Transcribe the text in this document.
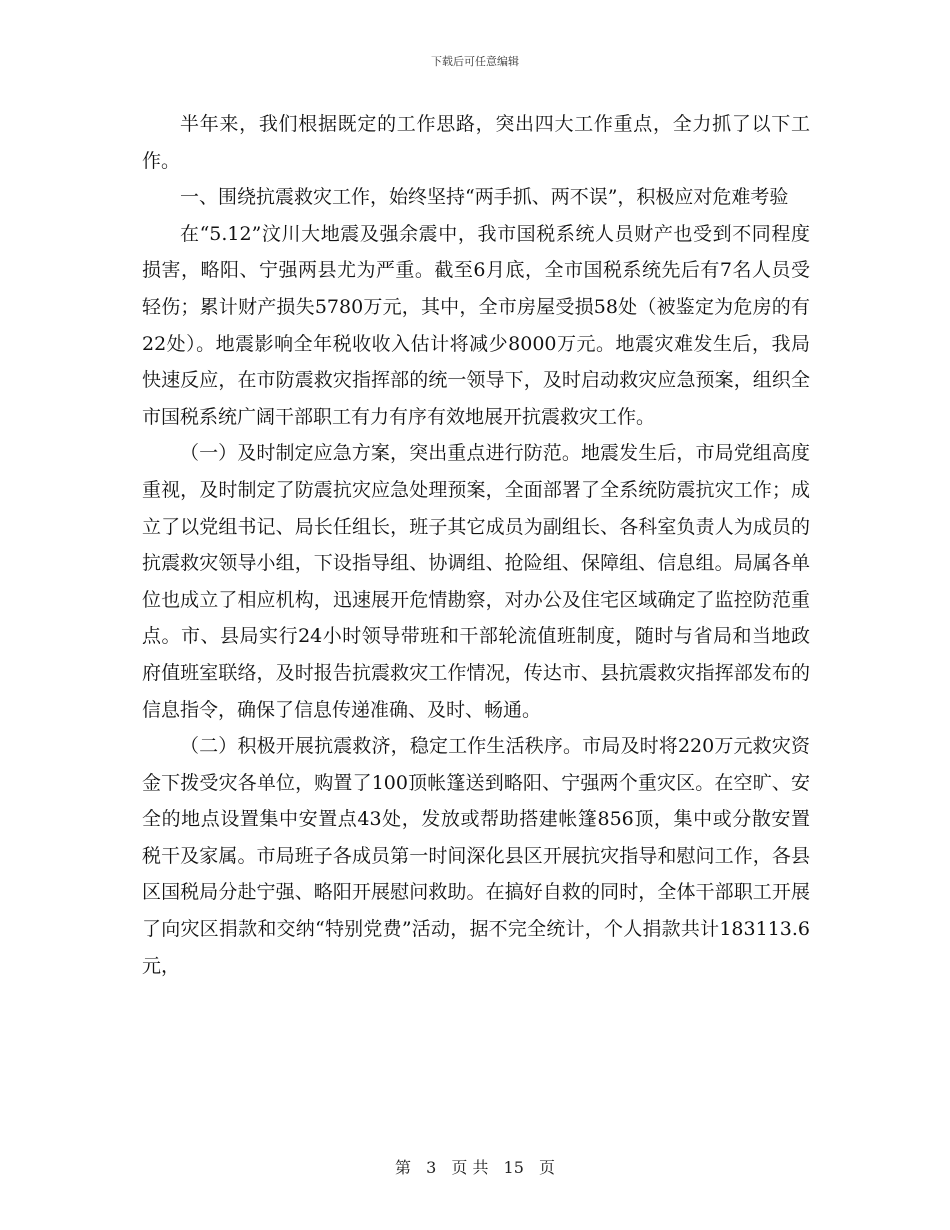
下载后可任意编辑

半年来，我们根据既定的工作思路，突出四大工作重点，全力抓了以下工作。

一、围绕抗震救灾工作，始终坚持“两手抓、两不误”，积极应对危难考验

在“5.12”汶川大地震及强余震中，我市国税系统人员财产也受到不同程度损害，略阳、宁强两县尤为严重。截至6月底，全市国税系统先后有7名人员受轻伤；累计财产损失5780万元，其中，全市房屋受损58处（被鉴定为危房的有22处）。地震影响全年税收收入估计将减少8000万元。地震灾难发生后，我局快速反应，在市防震救灾指挥部的统一领导下，及时启动救灾应急预案，组织全市国税系统广阔干部职工有力有序有效地展开抗震救灾工作。

（一）及时制定应急方案，突出重点进行防范。地震发生后，市局党组高度重视，及时制定了防震抗灾应急处理预案，全面部署了全系统防震抗灾工作；成立了以党组书记、局长任组长，班子其它成员为副组长、各科室负责人为成员的抗震救灾领导小组，下设指导组、协调组、抢险组、保障组、信息组。局属各单位也成立了相应机构，迅速展开危情勘察，对办公及住宅区域确定了监控防范重点。市、县局实行24小时领导带班和干部轮流值班制度，随时与省局和当地政府值班室联络，及时报告抗震救灾工作情况，传达市、县抗震救灾指挥部发布的信息指令，确保了信息传递准确、及时、畅通。

（二）积极开展抗震救济，稳定工作生活秩序。市局及时将220万元救灾资金下拨受灾各单位，购置了100顶帐篷送到略阳、宁强两个重灾区。在空旷、安全的地点设置集中安置点43处，发放或帮助搭建帐篷856顶，集中或分散安置税干及家属。市局班子各成员第一时间深化县区开展抗灾指导和慰问工作，各县区国税局分赴宁强、略阳开展慰问救助。在搞好自救的同时，全体干部职工开展了向灾区捐款和交纳“特别党费”活动，据不完全统计，个人捐款共计183113.6元，

第 3 页 共 15 页
